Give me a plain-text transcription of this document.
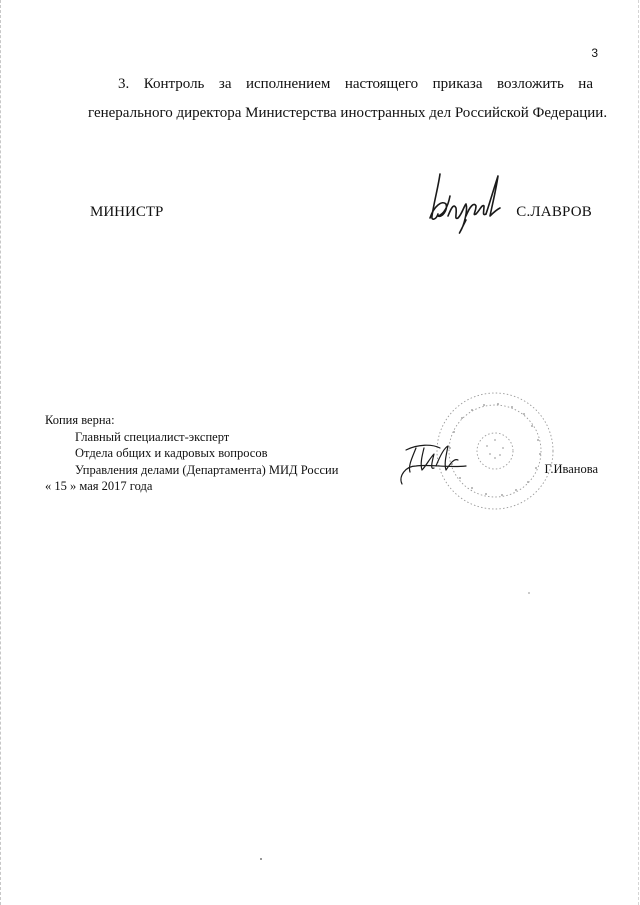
3
3. Контроль за исполнением настоящего приказа возложить на
генерального директора Министерства иностранных дел Российской Федерации.
МИНИСТР	С.ЛАВРОВ
Копия верна:
Главный специалист-эксперт
Отдела общих и кадровых вопросов
Управления делами (Департамента) МИД России
« 15 » мая 2017 года
Г.Иванова
